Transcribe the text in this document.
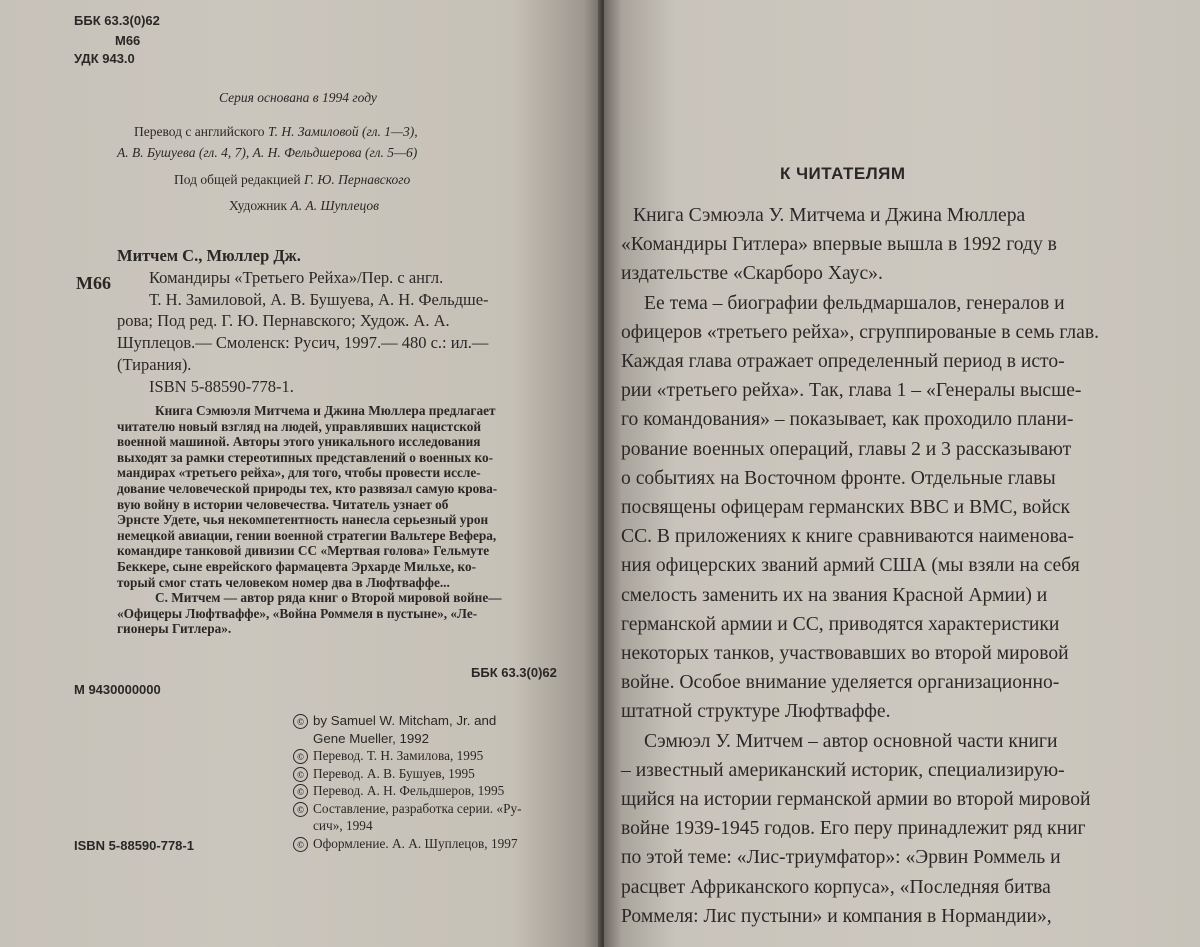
ББК 63.3(0)62
М66
УДК 943.0
Серия основана в 1994 году
Перевод с английского Т. Н. Замиловой (гл. 1—3),
А. В. Бушуева (гл. 4, 7), А. Н. Фельдшерова (гл. 5—6)
Под общей редакцией Г. Ю. Пернавского
Художник А. А. Шуплецов
М66
Митчем С., Мюллер Дж.
Командиры «Третьего Рейха»/Пер. с англ.
Т. Н. Замиловой, А. В. Бушуева, А. Н. Фельдше-
рова; Под ред. Г. Ю. Пернавского; Худож. А. А.
Шуплецов.— Смоленск: Русич, 1997.— 480 с.: ил.—
(Тирания).
ISBN 5-88590-778-1.
Книга Сэмюэля Митчема и Джина Мюллера предлагает
читателю новый взгляд на людей, управлявших нацистской
военной машиной. Авторы этого уникального исследования
выходят за рамки стереотипных представлений о военных ко-
мандирах «третьего рейха», для того, чтобы провести иссле-
дование человеческой природы тех, кто развязал самую крова-
вую войну в истории человечества. Читатель узнает об
Эрнсте Удете, чья некомпетентность нанесла серьезный урон
немецкой авиации, гении военной стратегии Вальтере Вефера,
командире танковой дивизии СС «Мертвая голова» Гельмуте
Беккере, сыне еврейского фармацевта Эрхарде Мильхе, ко-
торый смог стать человеком номер два в Люфтваффе...
С. Митчем — автор ряда книг о Второй мировой войне—
«Офицеры Люфтваффе», «Война Роммеля в пустыне», «Ле-
гионеры Гитлера».
ББК 63.3(0)62
М 9430000000
© by Samuel W. Mitcham, Jr. and
Gene Mueller, 1992
© Перевод. Т. Н. Замилова, 1995
© Перевод. А. В. Бушуев, 1995
© Перевод. А. Н. Фельдшеров, 1995
© Составление, разработка серии. «Ру-
сич», 1994
© Оформление. А. А. Шуплецов, 1997
ISBN 5-88590-778-1
К ЧИТАТЕЛЯМ
Книга Сэмюэла У. Митчема и Джина Мюллера
«Командиры Гитлера» впервые вышла в 1992 году в
издательстве «Скарборо Хаус».
Ее тема – биографии фельдмаршалов, генералов и
офицеров «третьего рейха», сгруппированые в семь глав.
Каждая глава отражает определенный период в исто-
рии «третьего рейха». Так, глава 1 – «Генералы высше-
го командования» – показывает, как проходило плани-
рование военных операций, главы 2 и 3 рассказывают
о событиях на Восточном фронте. Отдельные главы
посвящены офицерам германских ВВС и ВМС, войск
СС. В приложениях к книге сравниваются наименова-
ния офицерских званий армий США (мы взяли на себя
смелость заменить их на звания Красной Армии) и
германской армии и СС, приводятся характеристики
некоторых танков, участвовавших во второй мировой
войне. Особое внимание уделяется организационно-
штатной структуре Люфтваффе.
Сэмюэл У. Митчем – автор основной части книги
– известный американский историк, специализирую-
щийся на истории германской армии во второй мировой
войне 1939-1945 годов. Его перу принадлежит ряд книг
по этой теме: «Лис-триумфатор»: «Эрвин Роммель и
расцвет Африканского корпуса», «Последняя битва
Роммеля: Лис пустыни» и компания в Нормандии»,
